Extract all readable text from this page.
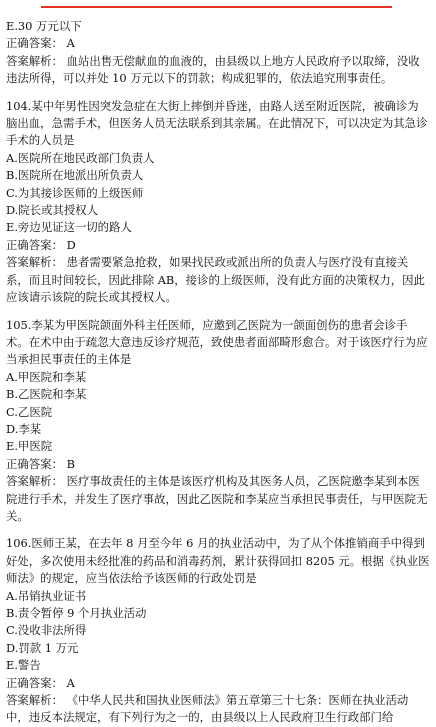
E.30 万元以下

正确答案： A

答案解析： 血站出售无偿献血的血液的，由县级以上地方人民政府予以取缔，没收违法所得，可以并处 10 万元以下的罚款；构成犯罪的，依法追究刑事责任。

104.某中年男性因突发急症在大街上摔倒并昏迷，由路人送至附近医院，被确诊为脑出血，急需手术，但医务人员无法联系到其亲属。在此情况下，可以决定为其急诊手术的人员是

A.医院所在地民政部门负责人

B.医院所在地派出所负责人

C.为其接诊医师的上级医师

D.院长或其授权人

E.旁边见证这一切的路人

正确答案： D

答案解析： 患者需要紧急抢救，如果找民政或派出所的负责人与医疗没有直接关系，而且时间较长，因此排除 AB，接诊的上级医师，没有此方面的决策权力，因此应该请示该院的院长或其授权人。

105.李某为甲医院颌面外科主任医师，应邀到乙医院为一颌面创伤的患者会诊手术。在术中由于疏忽大意违反诊疗规范，致使患者面部畸形愈合。对于该医疗行为应当承担民事责任的主体是

A.甲医院和李某

B.乙医院和李某

C.乙医院

D.李某

E.甲医院

正确答案： B

答案解析： 医疗事故责任的主体是该医疗机构及其医务人员，乙医院邀李某到本医院进行手术，并发生了医疗事故，因此乙医院和李某应当承担民事责任，与甲医院无关。

106.医师王某，在去年 8 月至今年 6 月的执业活动中，为了从个体推销商手中得到好处，多次使用未经批准的药品和消毒药剂，累计获得回扣 8205 元。根据《执业医师法》的规定，应当依法给予该医师的行政处罚是

A.吊销执业证书

B.责令暂停 9 个月执业活动

C.没收非法所得

D.罚款 1 万元

E.警告

正确答案： A

答案解析： 《中华人民共和国执业医师法》第五章第三十七条：医师在执业活动中，违反本法规定，有下列行为之一的，由县级以上人民政府卫生行政部门给
